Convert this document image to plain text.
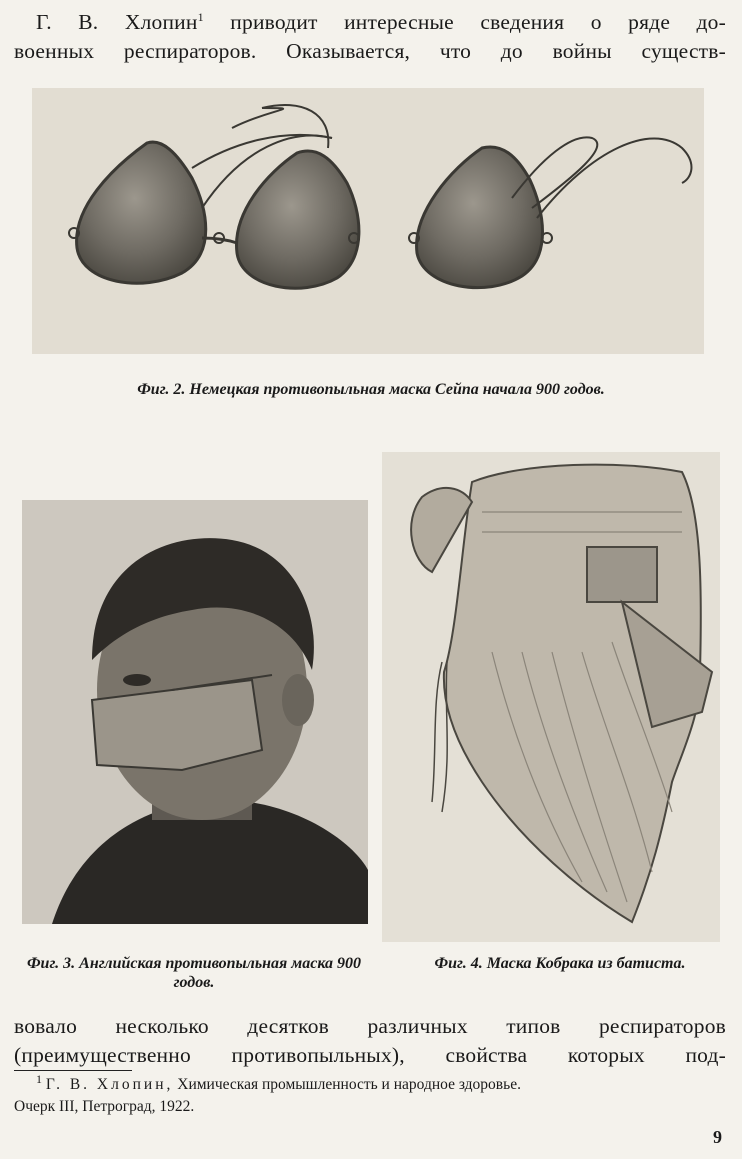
Г. В. Хлопин$^1$ приводит интересные сведения о ряде до-
военных респираторов. Оказывается, что до войны существ-
Фиг. 2. Немецкая противопыльная маска Сейпа начала 900 годов.
Фиг. 3. Английская противопыльная маска 900 годов.
Фиг. 4. Маска Кобрака из батиста.
вовало несколько десятков различных типов респираторов
(преимущественно противопыльных), свойства которых под-
$^1$ Г. В. Хлопин, Химическая промышленность и народное здоровье.
Очерк III, Петроград, 1922.
9
